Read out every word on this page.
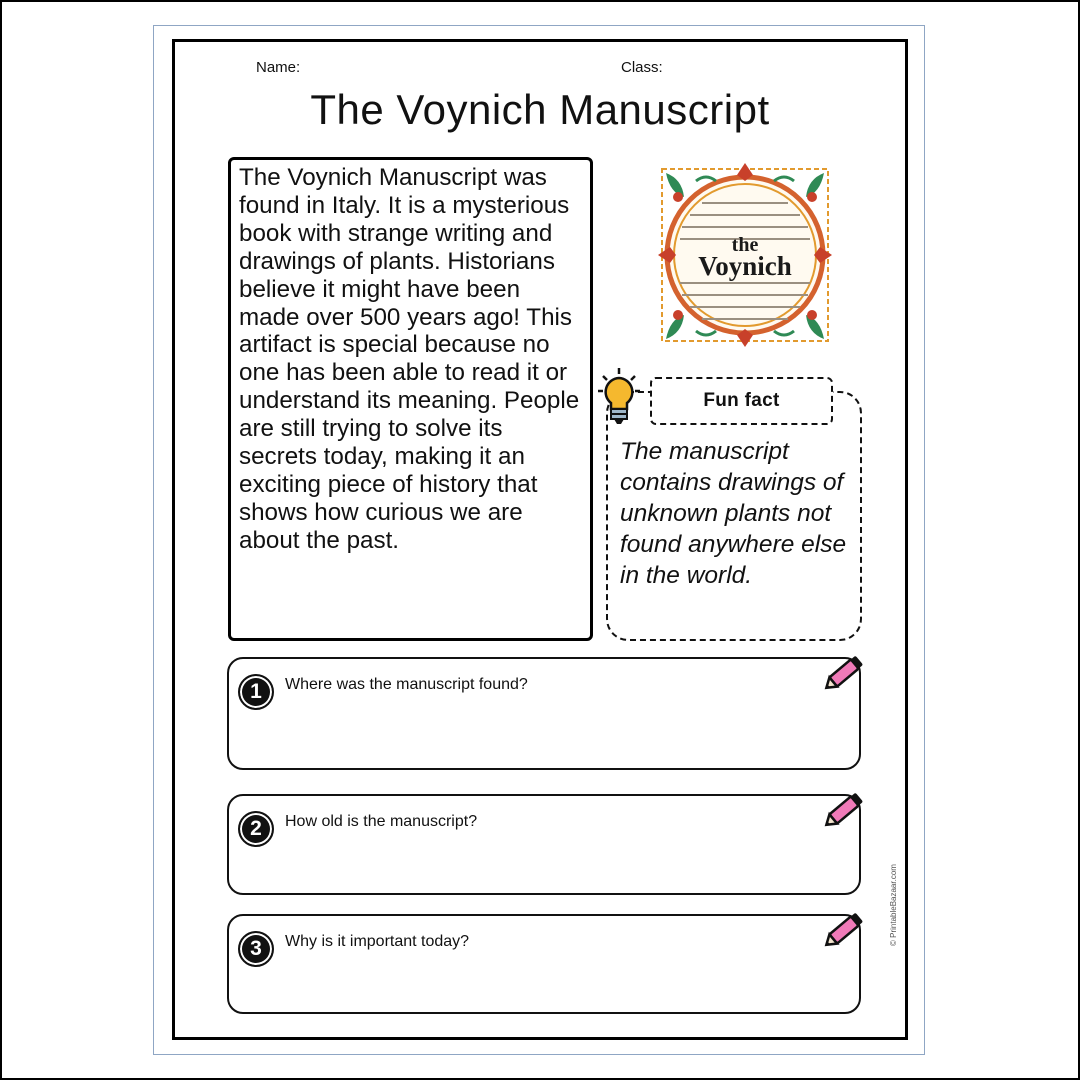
Name:	Class:
The Voynich Manuscript

The Voynich Manuscript was found in Italy. It is a mysterious book with strange writing and drawings of plants. Historians believe it might have been made over 500 years ago! This artifact is special because no one has been able to read it or understand its meaning. People are still trying to solve its secrets today, making it an exciting piece of history that shows how curious we are about the past.

the
Voynich
Fun fact

The manuscript contains drawings of unknown plants not found anywhere else in the world.

1	Where was the manuscript found?
2	How old is the manuscript?
3	Why is it important today?	© PrintableBazaar.com
